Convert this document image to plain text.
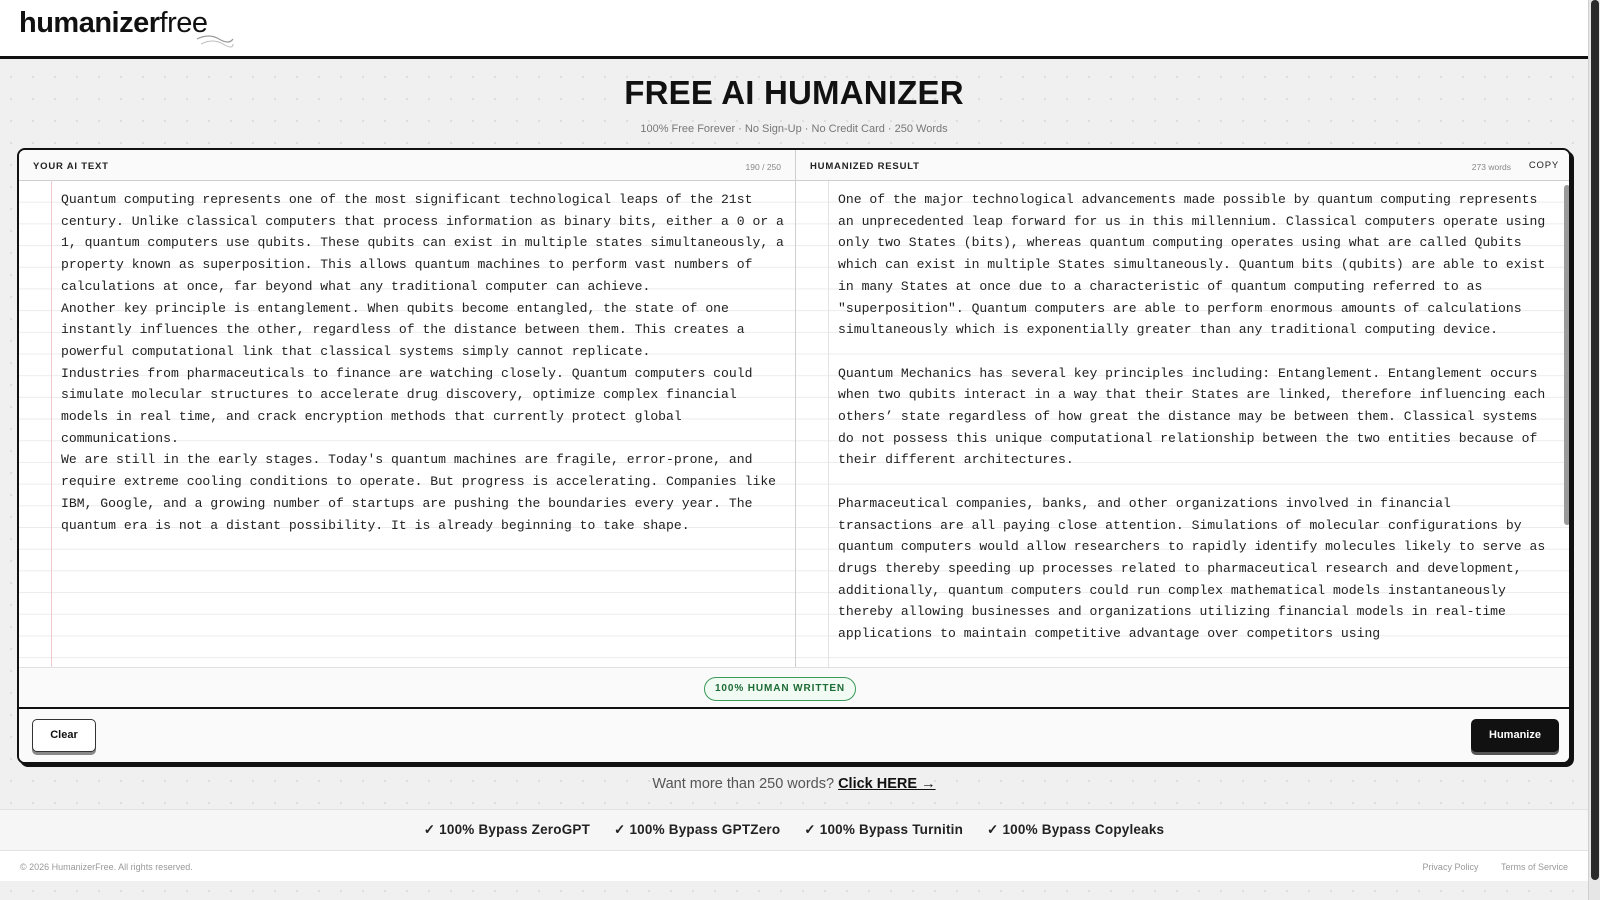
humanizerfree
FREE AI HUMANIZER
100% Free Forever · No Sign-Up · No Credit Card · 250 Words
YOUR AI TEXT	190 / 250	HUMANIZED RESULT	273 words COPY
Quantum computing represents one of the most significant technological leaps of the 21st century. Unlike classical computers that process information as binary bits, either a 0 or a 1, quantum computers use qubits. These qubits can exist in multiple states simultaneously, a property known as superposition. This allows quantum machines to perform vast numbers of calculations at once, far beyond what any traditional computer can achieve.
Another key principle is entanglement. When qubits become entangled, the state of one instantly influences the other, regardless of the distance between them. This creates a powerful computational link that classical systems simply cannot replicate.
Industries from pharmaceuticals to finance are watching closely. Quantum computers could simulate molecular structures to accelerate drug discovery, optimize complex financial models in real time, and crack encryption methods that currently protect global communications.
We are still in the early stages. Today's quantum machines are fragile, error-prone, and require extreme cooling conditions to operate. But progress is accelerating. Companies like IBM, Google, and a growing number of startups are pushing the boundaries every year. The quantum era is not a distant possibility. It is already beginning to take shape.
One of the major technological advancements made possible by quantum computing represents an unprecedented leap forward for us in this millennium. Classical computers operate using only two States (bits), whereas quantum computing operates using what are called Qubits which can exist in multiple States simultaneously. Quantum bits (qubits) are able to exist in many States at once due to a characteristic of quantum computing referred to as "superposition". Quantum computers are able to perform enormous amounts of calculations simultaneously which is exponentially greater than any traditional computing device.

Quantum Mechanics has several key principles including: Entanglement. Entanglement occurs when two qubits interact in a way that their States are linked, therefore influencing each others’ state regardless of how great the distance may be between them. Classical systems do not possess this unique computational relationship between the two entities because of their different architectures.

Pharmaceutical companies, banks, and other organizations involved in financial transactions are all paying close attention. Simulations of molecular configurations by quantum computers would allow researchers to rapidly identify molecules likely to serve as drugs thereby speeding up processes related to pharmaceutical research and development, additionally, quantum computers could run complex mathematical models instantaneously thereby allowing businesses and organizations utilizing financial models in real-time applications to maintain competitive advantage over competitors using
100% HUMAN WRITTEN
Clear	Humanize
Want more than 250 words? Click HERE →
✓ 100% Bypass ZeroGPT ✓ 100% Bypass GPTZero ✓ 100% Bypass Turnitin ✓ 100% Bypass Copyleaks
© 2026 HumanizerFree. All rights reserved.	Privacy Policy	Terms of Service
